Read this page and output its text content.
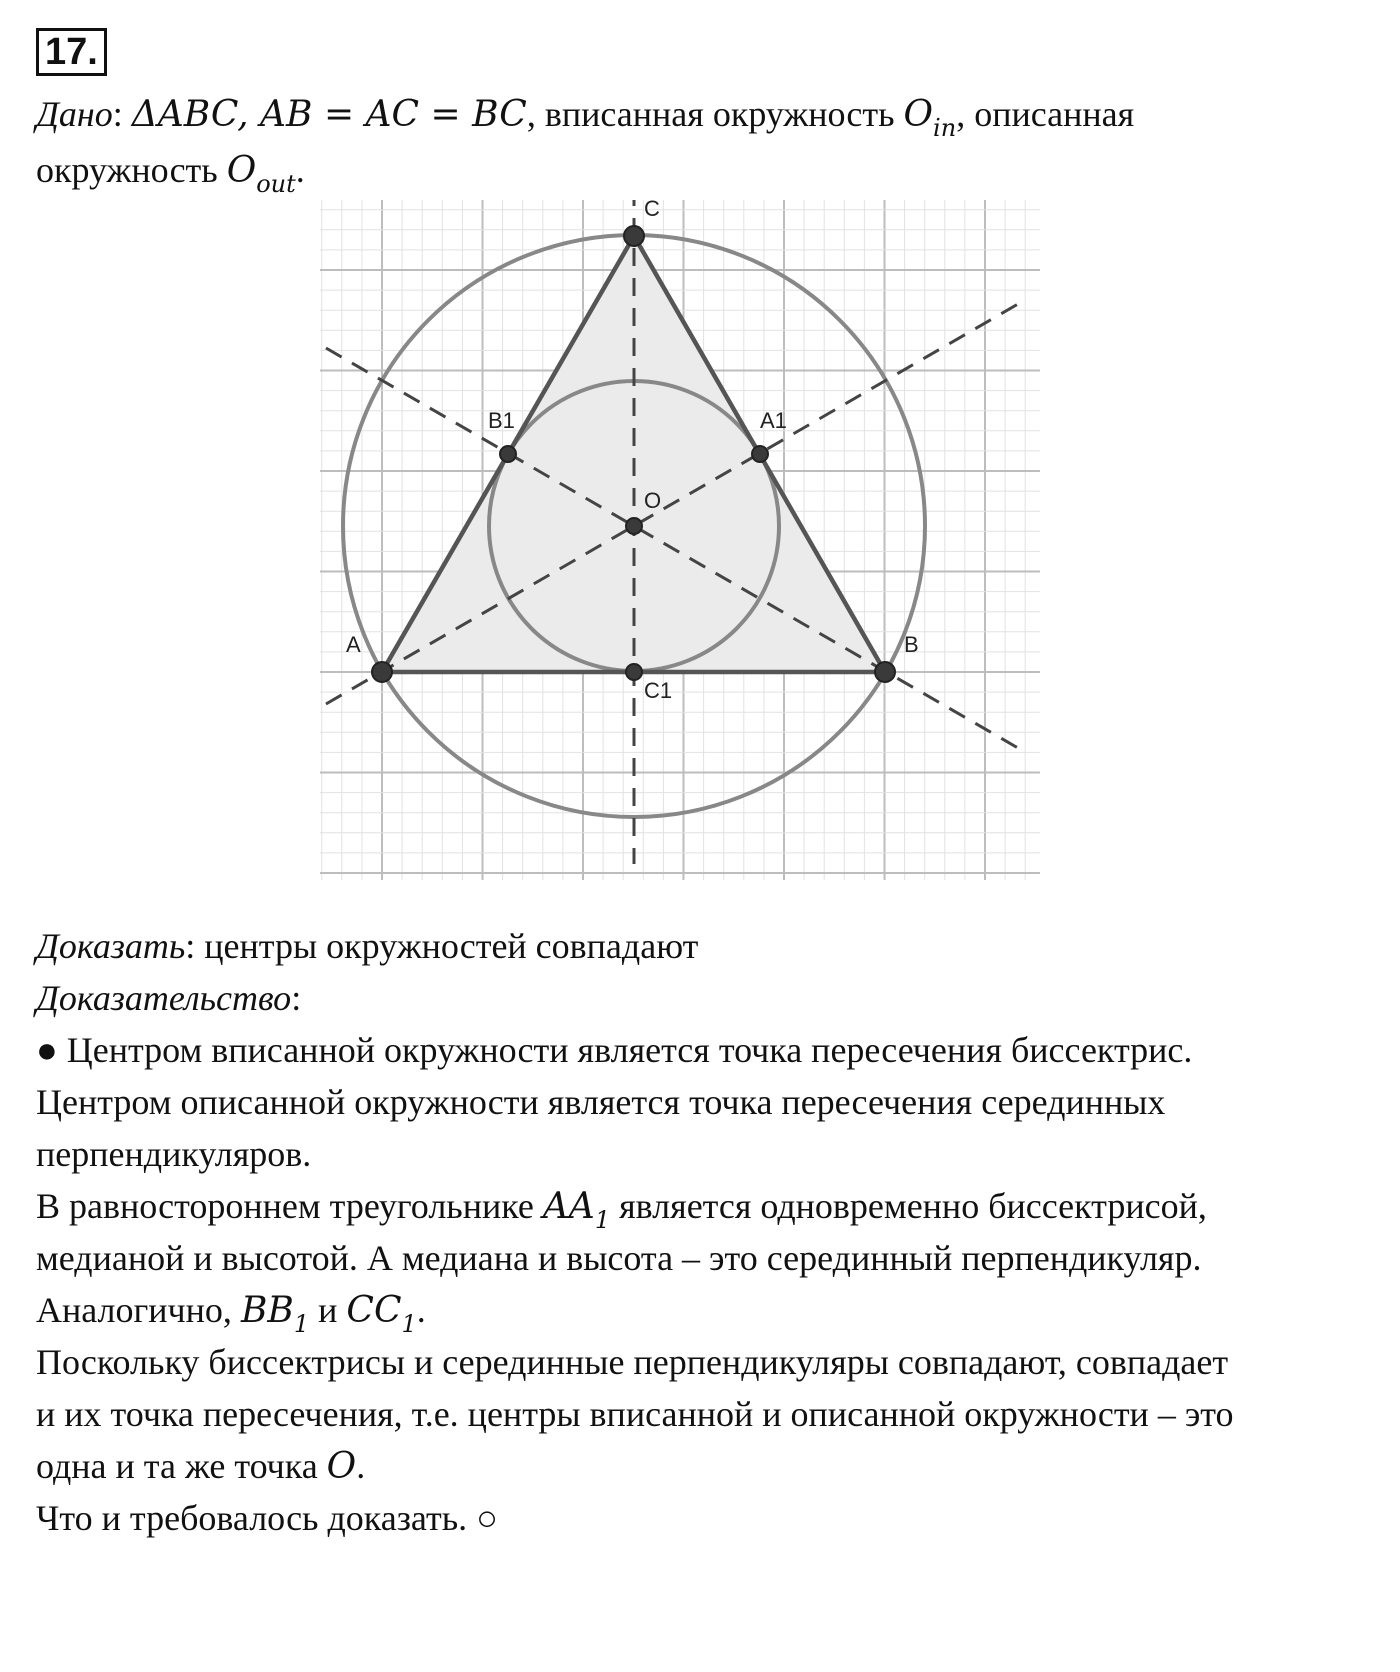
17.
Дано: ΔABC, AB = AC = BC, вписанная окружность $O_{in}$, описанная
окружность $O_{out}$.
C
A	B
B1	A1
O
C1
Доказать: центры окружностей совпадают
Доказательство:
● Центром вписанной окружности является точка пересечения биссектрис.
Центром описанной окружности является точка пересечения серединных
перпендикуляров.
В равностороннем треугольнике $AA_1$ является одновременно биссектрисой,
медианой и высотой. А медиана и высота – это серединный перпендикуляр.
Аналогично, $BB_1$ и $CC_1$.
Поскольку биссектрисы и серединные перпендикуляры совпадают, совпадает
и их точка пересечения, т.е. центры вписанной и описанной окружности – это
одна и та же точка O.
Что и требовалось доказать. ○
